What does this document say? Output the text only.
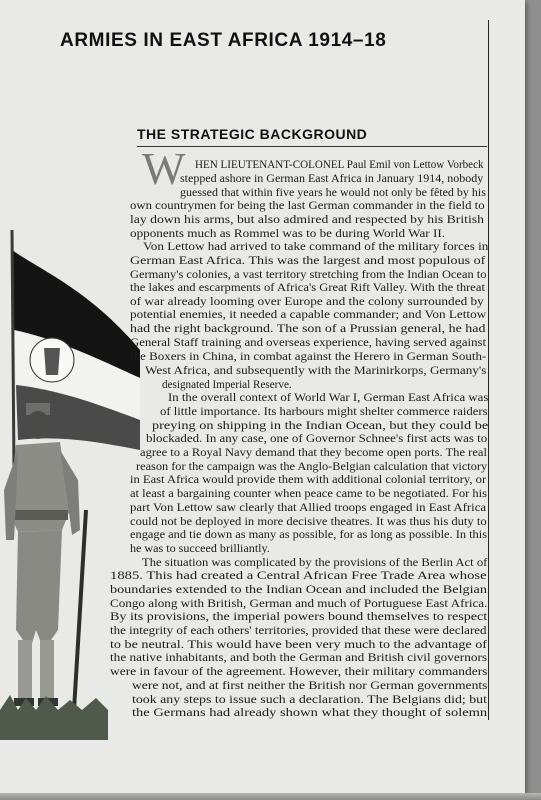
ARMIES IN EAST AFRICA 1914–18
THE STRATEGIC BACKGROUND
W HEN LIEUTENANT-COLONEL Paul Emil von Lettow Vorbeck
stepped ashore in German East Africa in January 1914, nobody
guessed that within five years he would not only be fêted by his
own countrymen for being the last German commander in the field to
lay down his arms, but also admired and respected by his British
opponents much as Rommel was to be during World War II.
Von Lettow had arrived to take command of the military forces in
German East Africa. This was the largest and most populous of
Germany's colonies, a vast territory stretching from the Indian Ocean to
the lakes and escarpments of Africa's Great Rift Valley. With the threat
of war already looming over Europe and the colony surrounded by
potential enemies, it needed a capable commander; and Von Lettow
had the right background. The son of a Prussian general, he had
General Staff training and overseas experience, having served against
the Boxers in China, in combat against the Herero in German South-
West Africa, and subsequently with the Marinirkorps, Germany's
designated Imperial Reserve.
In the overall context of World War I, German East Africa was
of little importance. Its harbours might shelter commerce raiders
preying on shipping in the Indian Ocean, but they could be
blockaded. In any case, one of Governor Schnee's first acts was to
agree to a Royal Navy demand that they become open ports. The real
reason for the campaign was the Anglo-Belgian calculation that victory
in East Africa would provide them with additional colonial territory, or
at least a bargaining counter when peace came to be negotiated. For his
part Von Lettow saw clearly that Allied troops engaged in East Africa
could not be deployed in more decisive theatres. It was thus his duty to
engage and tie down as many as possible, for as long as possible. In this
he was to succeed brilliantly.
The situation was complicated by the provisions of the Berlin Act of
1885. This had created a Central African Free Trade Area whose
boundaries extended to the Indian Ocean and included the Belgian
Congo along with British, German and much of Portuguese East Africa.
By its provisions, the imperial powers bound themselves to respect
the integrity of each others' territories, provided that these were declared
to be neutral. This would have been very much to the advantage of
the native inhabitants, and both the German and British civil governors
were in favour of the agreement. However, their military commanders
were not, and at first neither the British nor German governments
took any steps to issue such a declaration. The Belgians did; but
the Germans had already shown what they thought of solemn
